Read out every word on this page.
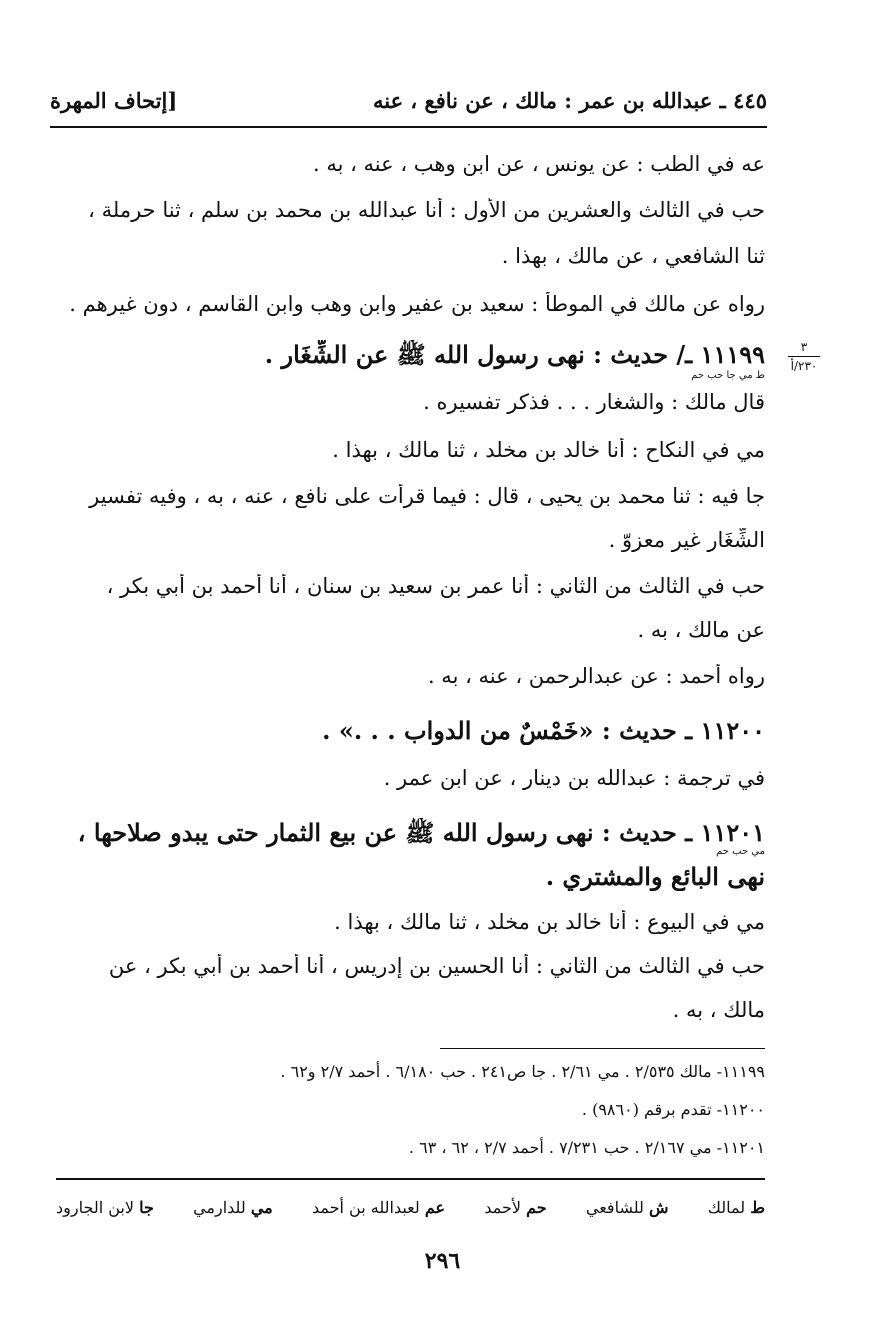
٤٤٥ ـ عبدالله بن عمر : مالك ، عن نافع ، عنه
[إتحاف المهرة
٣
٢٣٠/أ
عه في الطب : عن يونس ، عن ابن وهب ، عنه ، به .
حب في الثالث والعشرين من الأول : أنا عبدالله بن محمد بن سلم ، ثنا حرملة ،
ثنا الشافعي ، عن مالك ، بهذا .
رواه عن مالك في الموطأ : سعيد بن عفير وابن وهب وابن القاسم ، دون غيرهم .
١١١٩٩ ـ/ حديث : نهى رسول الله ﷺ عن الشِّغَار .
ط مي جا حب حم
قال مالك : والشغار . . . فذكر تفسيره .
مي في النكاح : أنا خالد بن مخلد ، ثنا مالك ، بهذا .
جا فيه : ثنا محمد بن يحيى ، قال : فيما قرأت على نافع ، عنه ، به ، وفيه تفسير
الشِّغَار غير معزوّ .
حب في الثالث من الثاني : أنا عمر بن سعيد بن سنان ، أنا أحمد بن أبي بكر ،
عن مالك ، به .
رواه أحمد : عن عبدالرحمن ، عنه ، به .
١١٢٠٠ ـ حديث : «خَمْسٌ من الدواب . . .» .
في ترجمة : عبدالله بن دينار ، عن ابن عمر .
١١٢٠١ ـ حديث : نهى رسول الله ﷺ عن بيع الثمار حتى يبدو صلاحها ،
مي حب حم
نهى البائع والمشتري .
مي في البيوع : أنا خالد بن مخلد ، ثنا مالك ، بهذا .
حب في الثالث من الثاني : أنا الحسين بن إدريس ، أنا أحمد بن أبي بكر ، عن
مالك ، به .
١١١٩٩- مالك ٢/٥٣٥ . مي ٢/٦١ . جا ص٢٤١ . حب ٦/١٨٠ . أحمد ٢/٧ و٦٢ .
١١٢٠٠- تقدم برقم (٩٨٦٠) .
١١٢٠١- مي ٢/١٦٧ . حب ٧/٢٣١ . أحمد ٢/٧ ، ٦٢ ، ٦٣ .
ط لمالك
ش للشافعي
حم لأحمد
عم لعبدالله بن أحمد
مي للدارمي
جا لابن الجارود
٢٩٦
